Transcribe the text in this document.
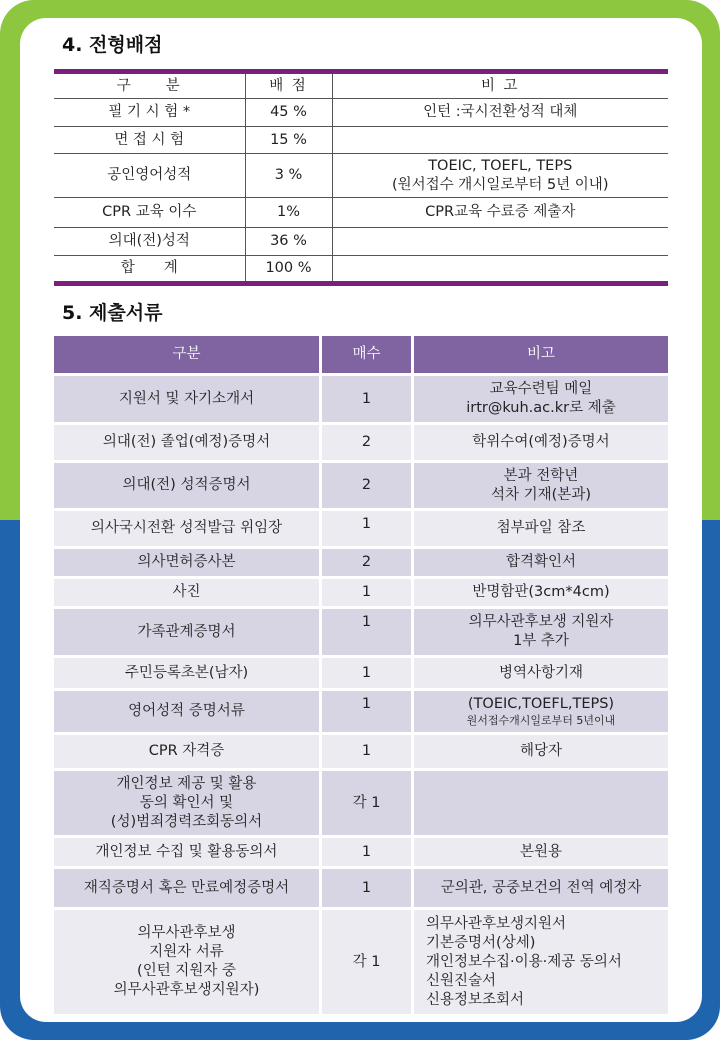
4. 전형배점
구　　분	배 점	비 고
필 기 시 험 *	45 %	인턴 :국시전환성적 대체
면 접 시 험	15 %	
공인영어성적	3 %	TOEIC, TOEFL, TEPS
(원서접수 개시일로부터 5년 이내)

CPR 교육 이수	1%	CPR교육 수료증 제출자
의대(전)성적	36 %	
합　　계	100 %	
5. 제출서류
구분	매수	비고
지원서 및 자기소개서	1	교육수련팀 메일
irtr@kuh.ac.kr로 제출

의대(전) 졸업(예정)증명서	2	학위수여(예정)증명서
의대(전) 성적증명서	2	본과 전학년
석차 기재(본과)

의사국시전환 성적발급 위임장	1	첨부파일 참조
의사면허증사본	2	합격확인서
사진	1	반명함판(3cm*4cm)
가족관계증명서	1	의무사관후보생 지원자
1부 추가

주민등록초본(남자)	1	병역사항기재
영어성적 증명서류	1	(TOEIC,TOEFL,TEPS)
원서접수개시일로부터 5년이내

CPR 자격증	1	해당자

개인정보 제공 및 활용
동의 확인서 및
(성)범죄경력조회동의서	각 1	
개인정보 수집 및 활용동의서	1	본원용
재직증명서 혹은 만료예정증명서	1	군의관, 공중보건의 전역 예정자

의무사관후보생
지원자 서류
(인턴 지원자 중
의무사관후보생지원자)	각 1	의무사관후보생지원서
기본증명서(상세)
개인정보수집·이용·제공 동의서
신원진술서
신용정보조회서
